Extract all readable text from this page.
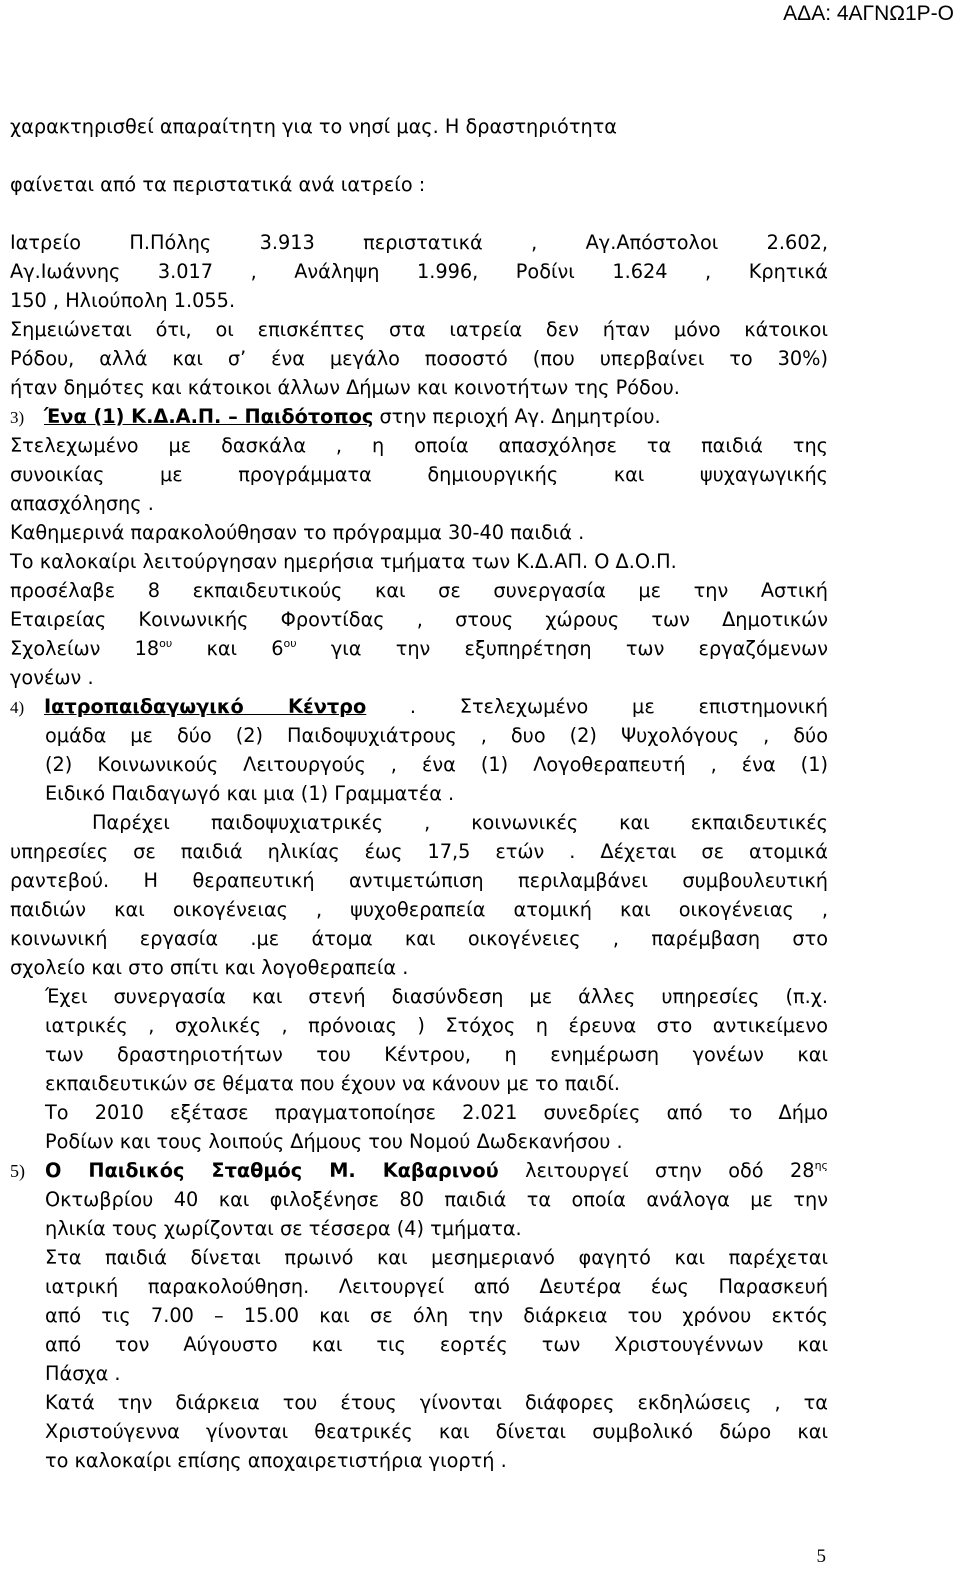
ΑΔΑ: 4ΑΓΝΩ1Ρ-Ο
χαρακτηρισθεί απαραίτητη για το νησί μας. Η δραστηριότητα
φαίνεται από τα περιστατικά ανά ιατρείο :
Ιατρείο Π.Πόλης 3.913 περιστατικά , Αγ.Απόστολοι 2.602,
Αγ.Ιωάννης 3.017 , Ανάληψη 1.996, Ροδίνι 1.624 , Κρητικά
150 , Ηλιούπολη 1.055.
Σημειώνεται ότι, οι επισκέπτες στα ιατρεία δεν ήταν μόνο κάτοικοι
Ρόδου, αλλά και σ’ ένα μεγάλο ποσοστό (που υπερβαίνει το 30%)
ήταν δημότες και κάτοικοι άλλων Δήμων και κοινοτήτων της Ρόδου.
3) Ένα (1) Κ.Δ.Α.Π. – Παιδότοπος στην περιοχή Αγ. Δημητρίου.
Στελεχωμένο με δασκάλα , η οποία απασχόλησε τα παιδιά της
συνοικίας με προγράμματα δημιουργικής και ψυχαγωγικής
απασχόλησης .
Καθημερινά παρακολούθησαν το πρόγραμμα 30-40 παιδιά .
Το καλοκαίρι λειτούργησαν ημερήσια τμήματα των Κ.Δ.ΑΠ. Ο Δ.Ο.Π.
προσέλαβε 8 εκπαιδευτικούς και σε συνεργασία με την Αστική
Εταιρείας Κοινωνικής Φροντίδας , στους χώρους των Δημοτικών
Σχολείων $18^{o\upsilon}$ και $6^{o\upsilon}$ για την εξυπηρέτηση των εργαζόμενων
γονέων .
4) Ιατροπαιδαγωγικό Κέντρο . Στελεχωμένο με επιστημονική
ομάδα με δύο (2) Παιδοψυχιάτρους , δυο (2) Ψυχολόγους , δύο
(2) Κοινωνικούς Λειτουργούς , ένα (1) Λογοθεραπευτή , ένα (1)
Ειδικό Παιδαγωγό και μια (1) Γραμματέα .
Παρέχει παιδοψυχιατρικές , κοινωνικές και εκπαιδευτικές
υπηρεσίες σε παιδιά ηλικίας έως 17,5 ετών . Δέχεται σε ατομικά
ραντεβού. Η θεραπευτική αντιμετώπιση περιλαμβάνει συμβουλευτική
παιδιών και οικογένειας , ψυχοθεραπεία ατομική και οικογένειας ,
κοινωνική εργασία .με άτομα και οικογένειες , παρέμβαση στο
σχολείο και στο σπίτι και λογοθεραπεία .
Έχει συνεργασία και στενή διασύνδεση με άλλες υπηρεσίες (π.χ.
ιατρικές , σχολικές , πρόνοιας ) Στόχος η έρευνα στο αντικείμενο
των δραστηριοτήτων του Κέντρου, η ενημέρωση γονέων και
εκπαιδευτικών σε θέματα που έχουν να κάνουν με το παιδί.
Το 2010 εξέτασε πραγματοποίησε 2.021 συνεδρίες από το Δήμο
Ροδίων και τους λοιπούς Δήμους του Νομού Δωδεκανήσου .
5) Ο Παιδικός Σταθμός Μ. Καβαρινού λειτουργεί στην οδό $28^{\eta\varsigma}$
Οκτωβρίου 40 και φιλοξένησε 80 παιδιά τα οποία ανάλογα με την
ηλικία τους χωρίζονται σε τέσσερα (4) τμήματα.
Στα παιδιά δίνεται πρωινό και μεσημεριανό φαγητό και παρέχεται
ιατρική παρακολούθηση. Λειτουργεί από Δευτέρα έως Παρασκευή
από τις 7.00 – 15.00 και σε όλη την διάρκεια του χρόνου εκτός
από τον Αύγουστο και τις εορτές των Χριστουγέννων και
Πάσχα .
Κατά την διάρκεια του έτους γίνονται διάφορες εκδηλώσεις , τα
Χριστούγεννα γίνονται θεατρικές και δίνεται συμβολικό δώρο και
το καλοκαίρι επίσης αποχαιρετιστήρια γιορτή .
5
